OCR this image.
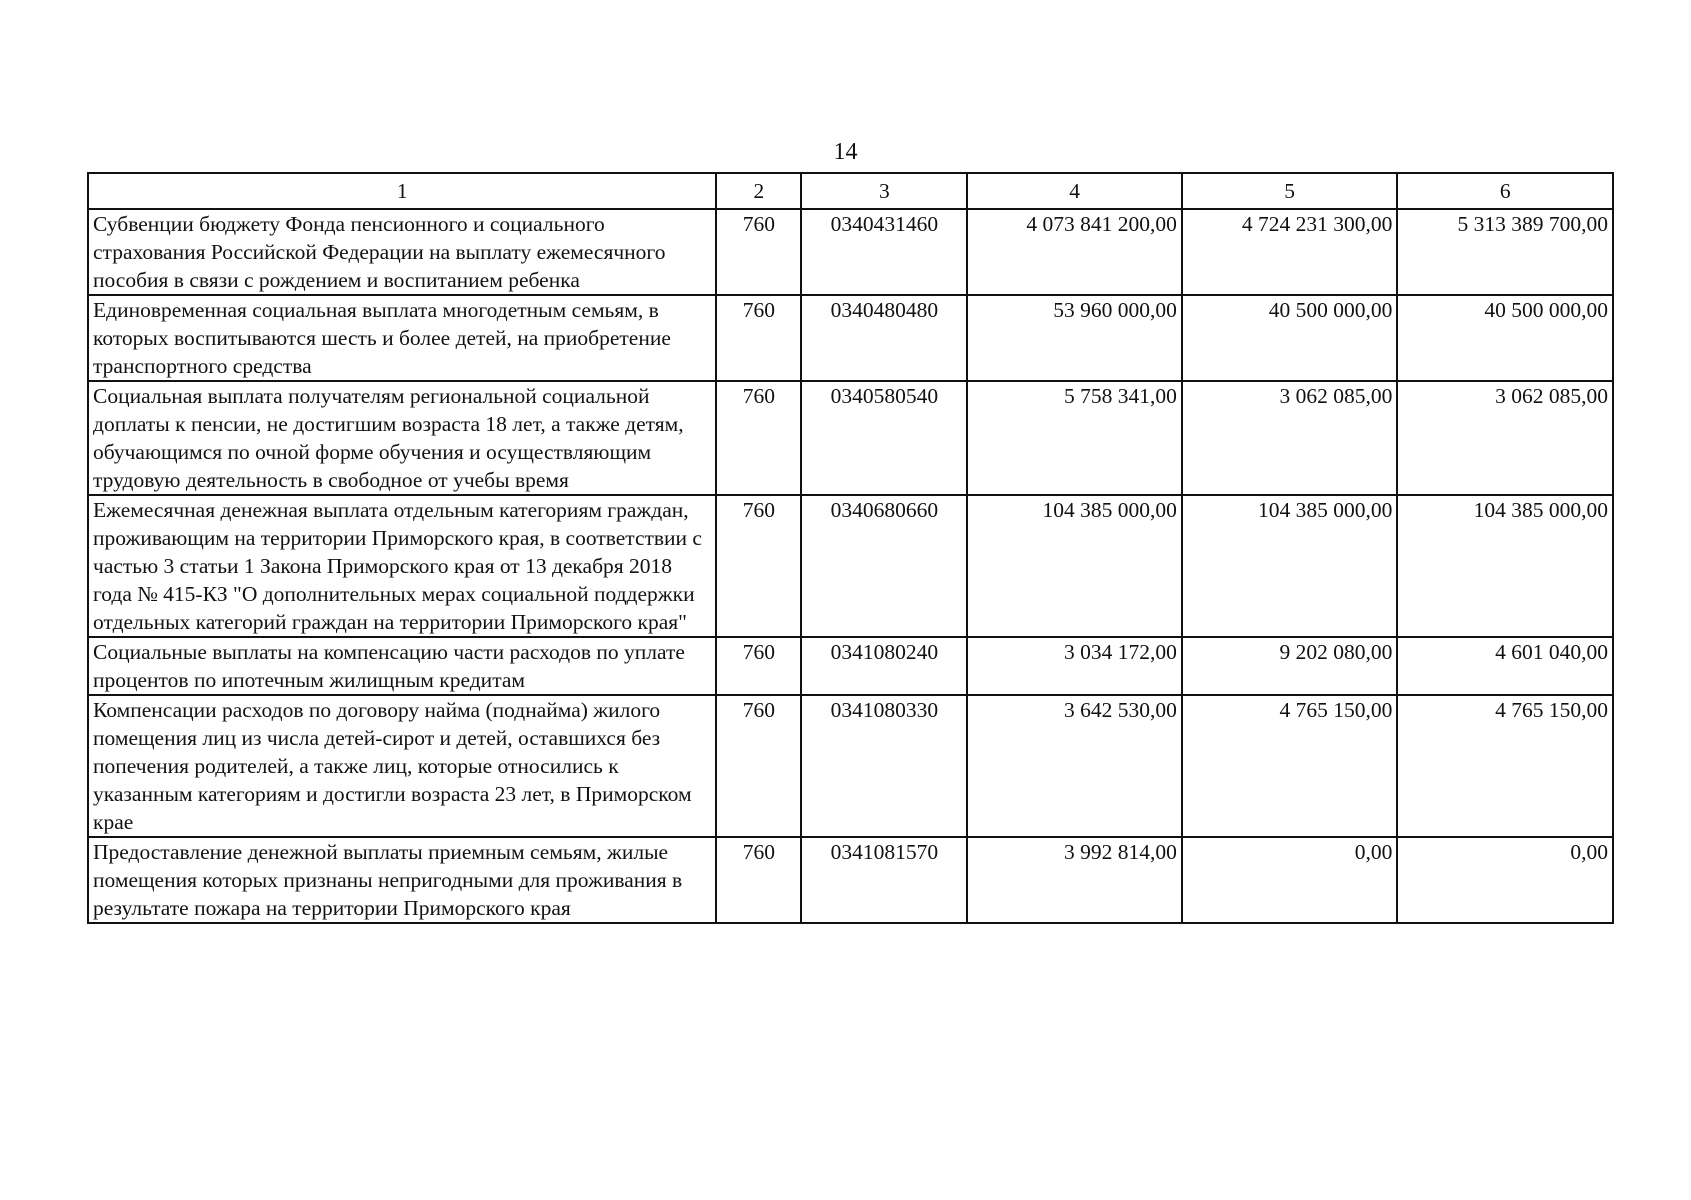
14
1	2	3	4	5	6
Субвенции бюджету Фонда пенсионного и социального страхования Российской Федерации на выплату ежемесячного пособия в связи с рождением и воспитанием ребенка	760	0340431460	4 073 841 200,00	4 724 231 300,00	5 313 389 700,00
Единовременная социальная выплата многодетным семьям, в которых воспитываются шесть и более детей, на приобретение транспортного средства	760	0340480480	53 960 000,00	40 500 000,00	40 500 000,00
Социальная выплата получателям региональной социальной доплаты к пенсии, не достигшим возраста 18 лет, а также детям, обучающимся по очной форме обучения и осуществляющим трудовую деятельность в свободное от учебы время	760	0340580540	5 758 341,00	3 062 085,00	3 062 085,00
Ежемесячная денежная выплата отдельным категориям граждан, проживающим на территории Приморского края, в соответствии с частью 3 статьи 1 Закона Приморского края от 13 декабря 2018 года № 415-КЗ "О дополнительных мерах социальной поддержки отдельных категорий граждан на территории Приморского края"	760	0340680660	104 385 000,00	104 385 000,00	104 385 000,00
Социальные выплаты на компенсацию части расходов по уплате процентов по ипотечным жилищным кредитам	760	0341080240	3 034 172,00	9 202 080,00	4 601 040,00
Компенсации расходов по договору найма (поднайма) жилого помещения лиц из числа детей-сирот и детей, оставшихся без попечения родителей, а также лиц, которые относились к указанным категориям и достигли возраста 23 лет, в Приморском крае	760	0341080330	3 642 530,00	4 765 150,00	4 765 150,00
Предоставление денежной выплаты приемным семьям, жилые помещения которых признаны непригодными для проживания в результате пожара на территории Приморского края	760	0341081570	3 992 814,00	0,00	0,00
